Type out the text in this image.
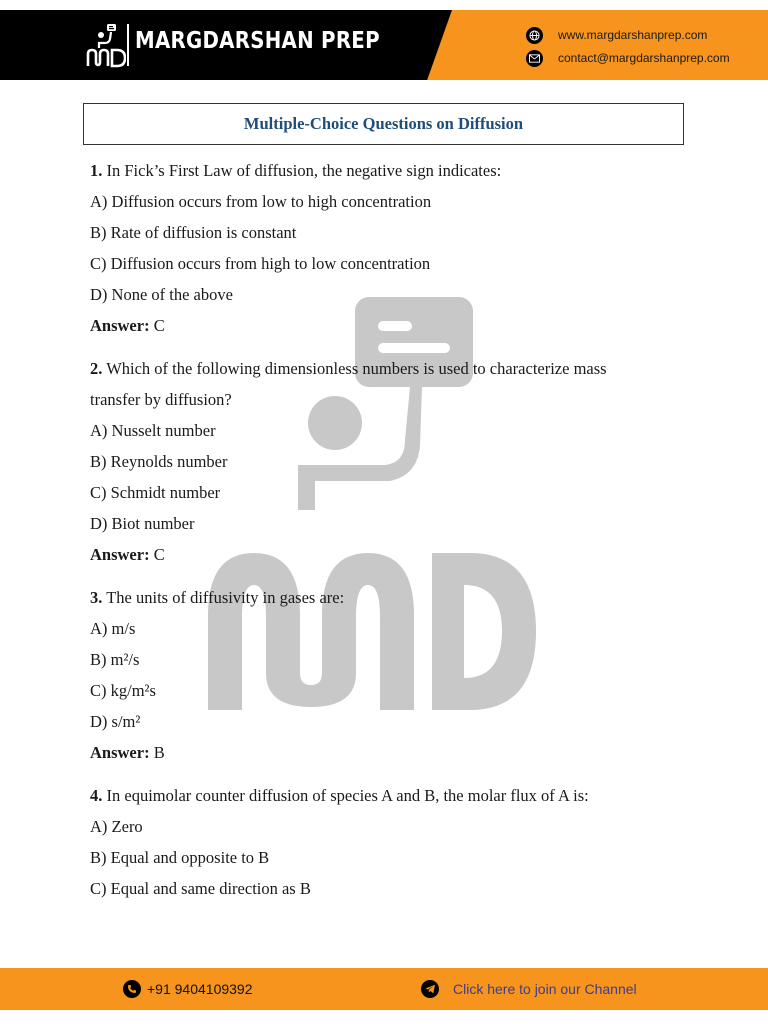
MARGDARSHAN PREP	www.margdarshanprep.com
contact@margdarshanprep.com
Multiple-Choice Questions on Diffusion
1. In Fick’s First Law of diffusion, the negative sign indicates:
A) Diffusion occurs from low to high concentration
B) Rate of diffusion is constant
C) Diffusion occurs from high to low concentration
D) None of the above
Answer: C
2. Which of the following dimensionless numbers is used to characterize mass transfer by diffusion?
A) Nusselt number
B) Reynolds number
C) Schmidt number
D) Biot number
Answer: C
3. The units of diffusivity in gases are:
A) m/s
B) m²/s
C) kg/m²s
D) s/m²
Answer: B
4. In equimolar counter diffusion of species A and B, the molar flux of A is:
A) Zero
B) Equal and opposite to B
C) Equal and same direction as B
+91 9404109392	Click here to join our Channel
